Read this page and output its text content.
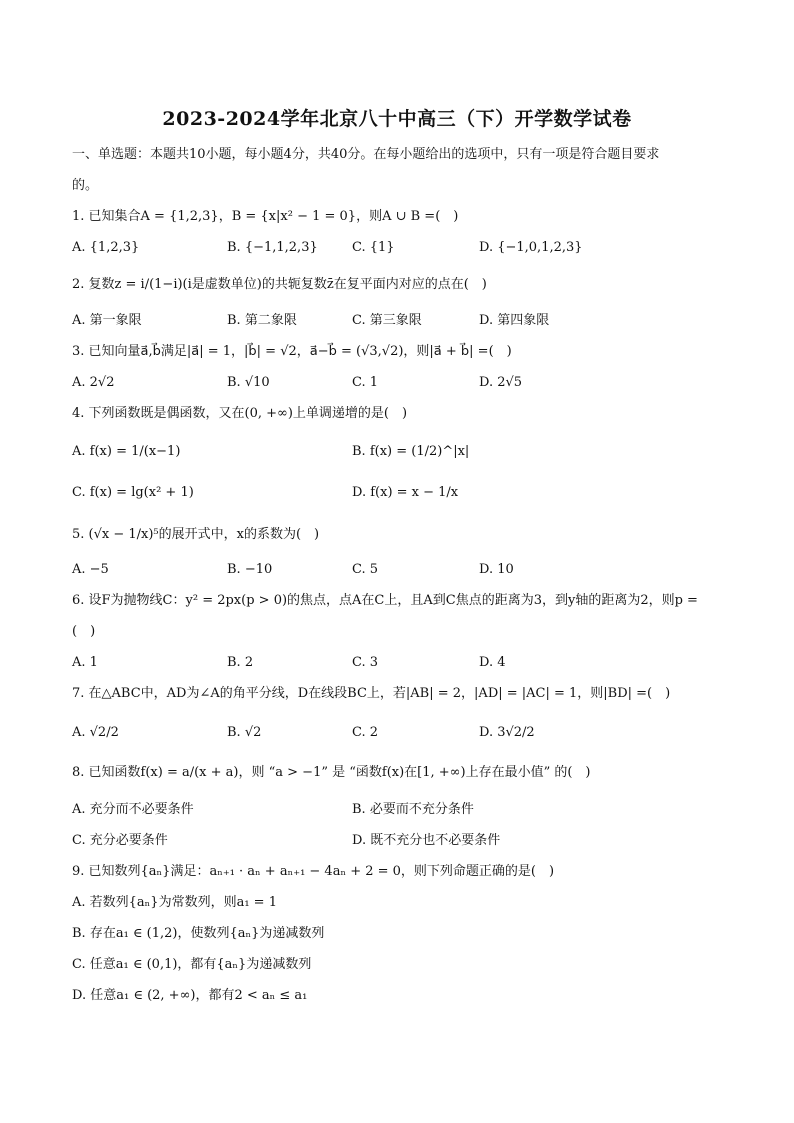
2023-2024学年北京八十中高三（下）开学数学试卷
一、单选题：本题共10小题，每小题4分，共40分。在每小题给出的选项中，只有一项是符合题目要求
的。
1. 已知集合A = {1,2,3}，B = {x|x² − 1 = 0}，则A ∪ B =(　)
A. {1,2,3}	B. {−1,1,2,3}	C. {1}	D. {−1,0,1,2,3}
2. 复数z = i/(1−i)(i是虚数单位)的共轭复数z̄在复平面内对应的点在(　)
A. 第一象限	B. 第二象限	C. 第三象限	D. 第四象限
3. 已知向量a⃗,b⃗满足|a⃗| = 1，|b⃗| = √2，a⃗−b⃗ = (√3,√2)，则|a⃗ + b⃗| =(　)
A. 2√2	B. √10	C. 1	D. 2√5
4. 下列函数既是偶函数，又在(0, +∞)上单调递增的是(　)
A. f(x) = 1/(x−1)	B. f(x) = (1/2)^|x|
C. f(x) = lg(x² + 1)	D. f(x) = x − 1/x
5. (√x − 1/x)⁵的展开式中，x的系数为(　)
A. −5	B. −10	C. 5	D. 10
6. 设F为抛物线C：y² = 2px(p > 0)的焦点，点A在C上，且A到C焦点的距离为3，到y轴的距离为2，则p =
(　)
A. 1	B. 2	C. 3	D. 4
7. 在△ABC中，AD为∠A的角平分线，D在线段BC上，若|AB| = 2，|AD| = |AC| = 1，则|BD| =(　)
A. √2/2	B. √2	C. 2	D. 3√2/2
8. 已知函数f(x) = a/(x + a)，则 “a > −1” 是 “函数f(x)在[1, +∞)上存在最小值” 的(　)
A. 充分而不必要条件	B. 必要而不充分条件
C. 充分必要条件	D. 既不充分也不必要条件
9. 已知数列{aₙ}满足：aₙ₊₁ · aₙ + aₙ₊₁ − 4aₙ + 2 = 0，则下列命题正确的是(　)
A. 若数列{aₙ}为常数列，则a₁ = 1
B. 存在a₁ ∈ (1,2)，使数列{aₙ}为递减数列
C. 任意a₁ ∈ (0,1)，都有{aₙ}为递减数列
D. 任意a₁ ∈ (2, +∞)，都有2 < aₙ ≤ a₁
